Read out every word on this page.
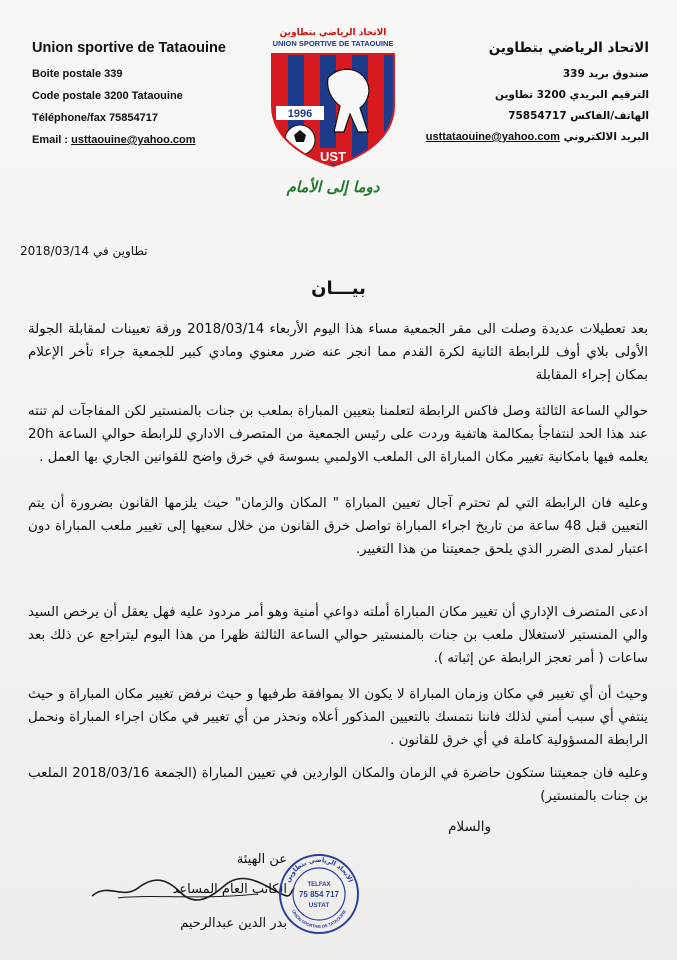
Union sportive de Tataouine
Boite postale 339
Code postale 3200 Tataouine
Téléphone/fax 75854717
Email : usttaouine@yahoo.com
الاتحاد الرياضي بتطاوين
UNION SPORTIVE DE TATAOUINE
1996
UST
دوما إلى الأمام
الاتحاد الرياضي بتطاوين
صندوق بريد 339
الترقيم البريدي 3200 تطاوين
الهاتف/الفاكس 75854717
البريد الالكتروني usttataouine@yahoo.com
تطاوين في 2018/03/14
بيـــان
بعد تعطيلات عديدة وصلت الى مقر الجمعية مساء هذا اليوم الأربعاء 2018/03/14 ورقة تعيينات لمقابلة الجولة الأولى بلاي أوف للرابطة الثانية لكرة القدم مما انجر عنه ضرر معنوي ومادي كبير للجمعية جراء تأخر الإعلام بمكان إجراء المقابلة
حوالي الساعة الثالثة وصل فاكس الرابطة لتعلمنا بتعيين المباراة بملعب بن جنات بالمنستير لكن المفاجآت لم تنته عند هذا الحد لنتفاجأ بمكالمة هاتفية وردت على رئيس الجمعية من المتصرف الاداري للرابطة حوالي الساعة 20h يعلمه فيها بامكانية تغيير مكان المباراة الى الملعب الاولمبي بسوسة في خرق واضح للقوانين الجاري بها العمل .
وعليه فان الرابطة التي لم تحترم آجال تعيين المباراة " المكان والزمان" حيث يلزمها القانون بضرورة أن يتم التعيين قبل 48 ساعة من تاريخ اجراء المباراة تواصل خرق القانون من خلال سعيها إلى تغيير ملعب المباراة دون اعتبار لمدى الضرر الذي يلحق جمعيتنا من هذا التغيير.
ادعى المتصرف الإداري أن تغيير مكان المباراة أملته دواعي أمنية وهو أمر مردود عليه فهل يعقل أن يرخص السيد والي المنستير لاستغلال ملعب بن جنات بالمنستير حوالي الساعة الثالثة ظهرا من هذا اليوم ليتراجع عن ذلك بعد ساعات ( أمر تعجز الرابطة عن إثباته ).
وحيث أن أي تغيير في مكان وزمان المباراة لا يكون الا بموافقة طرفيها و حيث نرفض تغيير مكان المباراة و حيث ينتفي أي سبب أمني لذلك فاننا نتمسك بالتعيين المذكور أعلاه ونحذر من أي تغيير في مكان اجراء المباراة ونحمل الرابطة المسؤولية كاملة في أي خرق للقانون .
وعليه فان جمعيتنا ستكون حاضرة في الزمان والمكان الواردين في تعيين المباراة (الجمعة 2018/03/16 الملعب بن جنات بالمنستير)
والسلام
عن الهيئة
الكاتب العام المساعد
بدر الدين عبدالرحيم
الاتحاد الرياضي بتطاوين
UNION SPORTIVE DE TATAOUINE
TELFAX
75 854 717
USTAT
